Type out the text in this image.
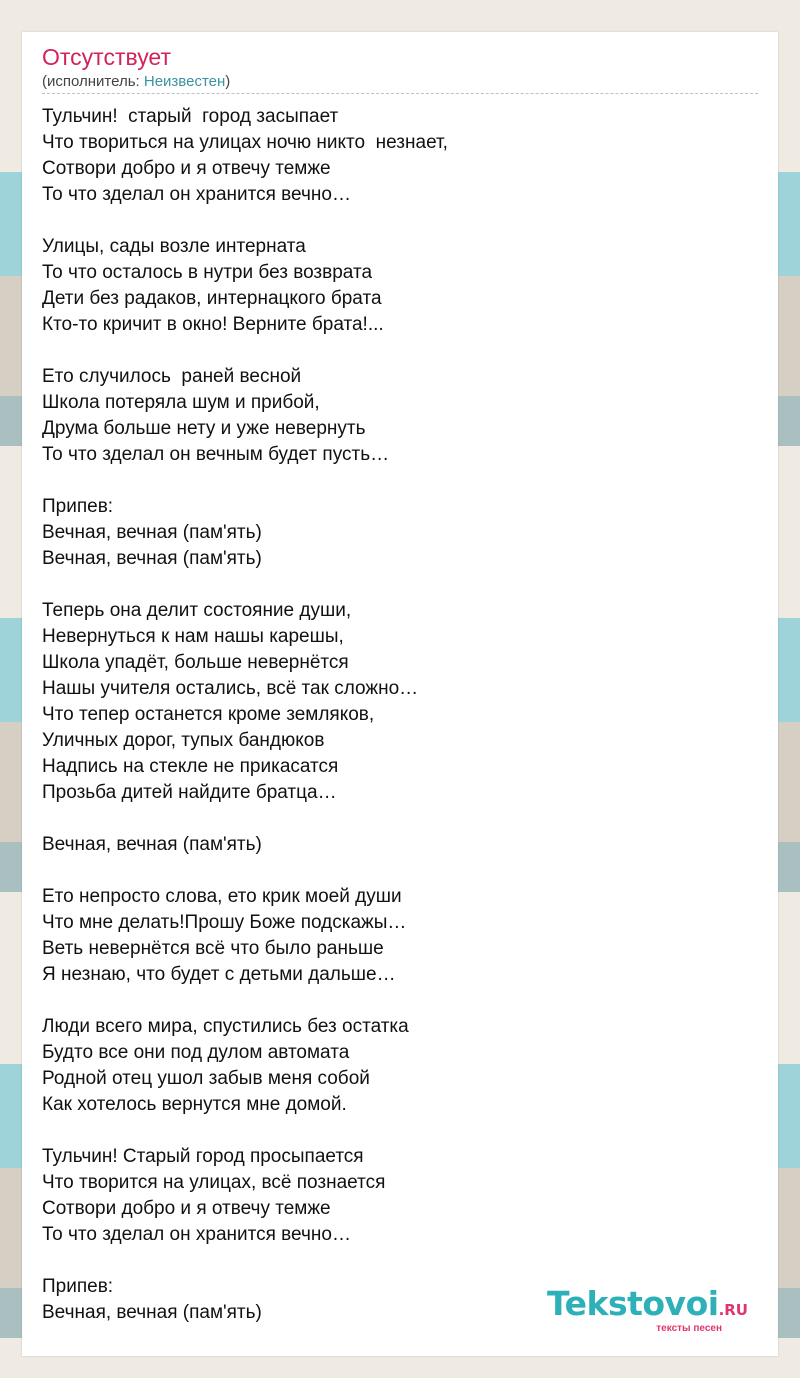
Отсутствует
(исполнитель: Неизвестен)
Тульчин!  старый  город засыпает
Что твориться на улицах ночю никто  незнает,
Сотвори добро и я отвечу темже
То что зделал он хранится вечно…
Улицы, сады возле интерната
То что осталось в нутри без возврата
Дети без радаков, интернацкого брата
Кто-то кричит в окно! Верните брата!...
Ето случилось  раней весной
Школа потеряла шум и прибой,
Друма больше нету и уже невернуть
То что зделал он вечным будет пусть…
Припев:
Вечная, вечная (пам'ять)
Вечная, вечная (пам'ять)
Теперь она делит состояние души,
Невернуться к нам нашы карешы,
Школа упадёт, больше невернётся
Нашы учителя остались, всё так сложно…
Что тепер останется кроме земляков,
Уличных дорог, тупых бандюков
Надпись на стекле не прикасатся
Прозьба дитей найдите братца…
Вечная, вечная (пам'ять)
Ето непросто слова, ето крик моей души
Что мне делать!Прошу Боже подскажы…
Веть невернётся всё что было раньше
Я незнаю, что будет с детьми дальше…
Люди всего мира, спустились без остатка
Будто все они под дулом автомата
Родной отец ушол забыв меня собой
Как хотелось вернутся мне домой.
Тульчин! Старый город просыпается
Что творится на улицах, всё познается
Сотвори добро и я отвечу темже
То что зделал он хранится вечно…
Припев:
Вечная, вечная (пам'ять)	Tekstovoi.RU
тексты песен
